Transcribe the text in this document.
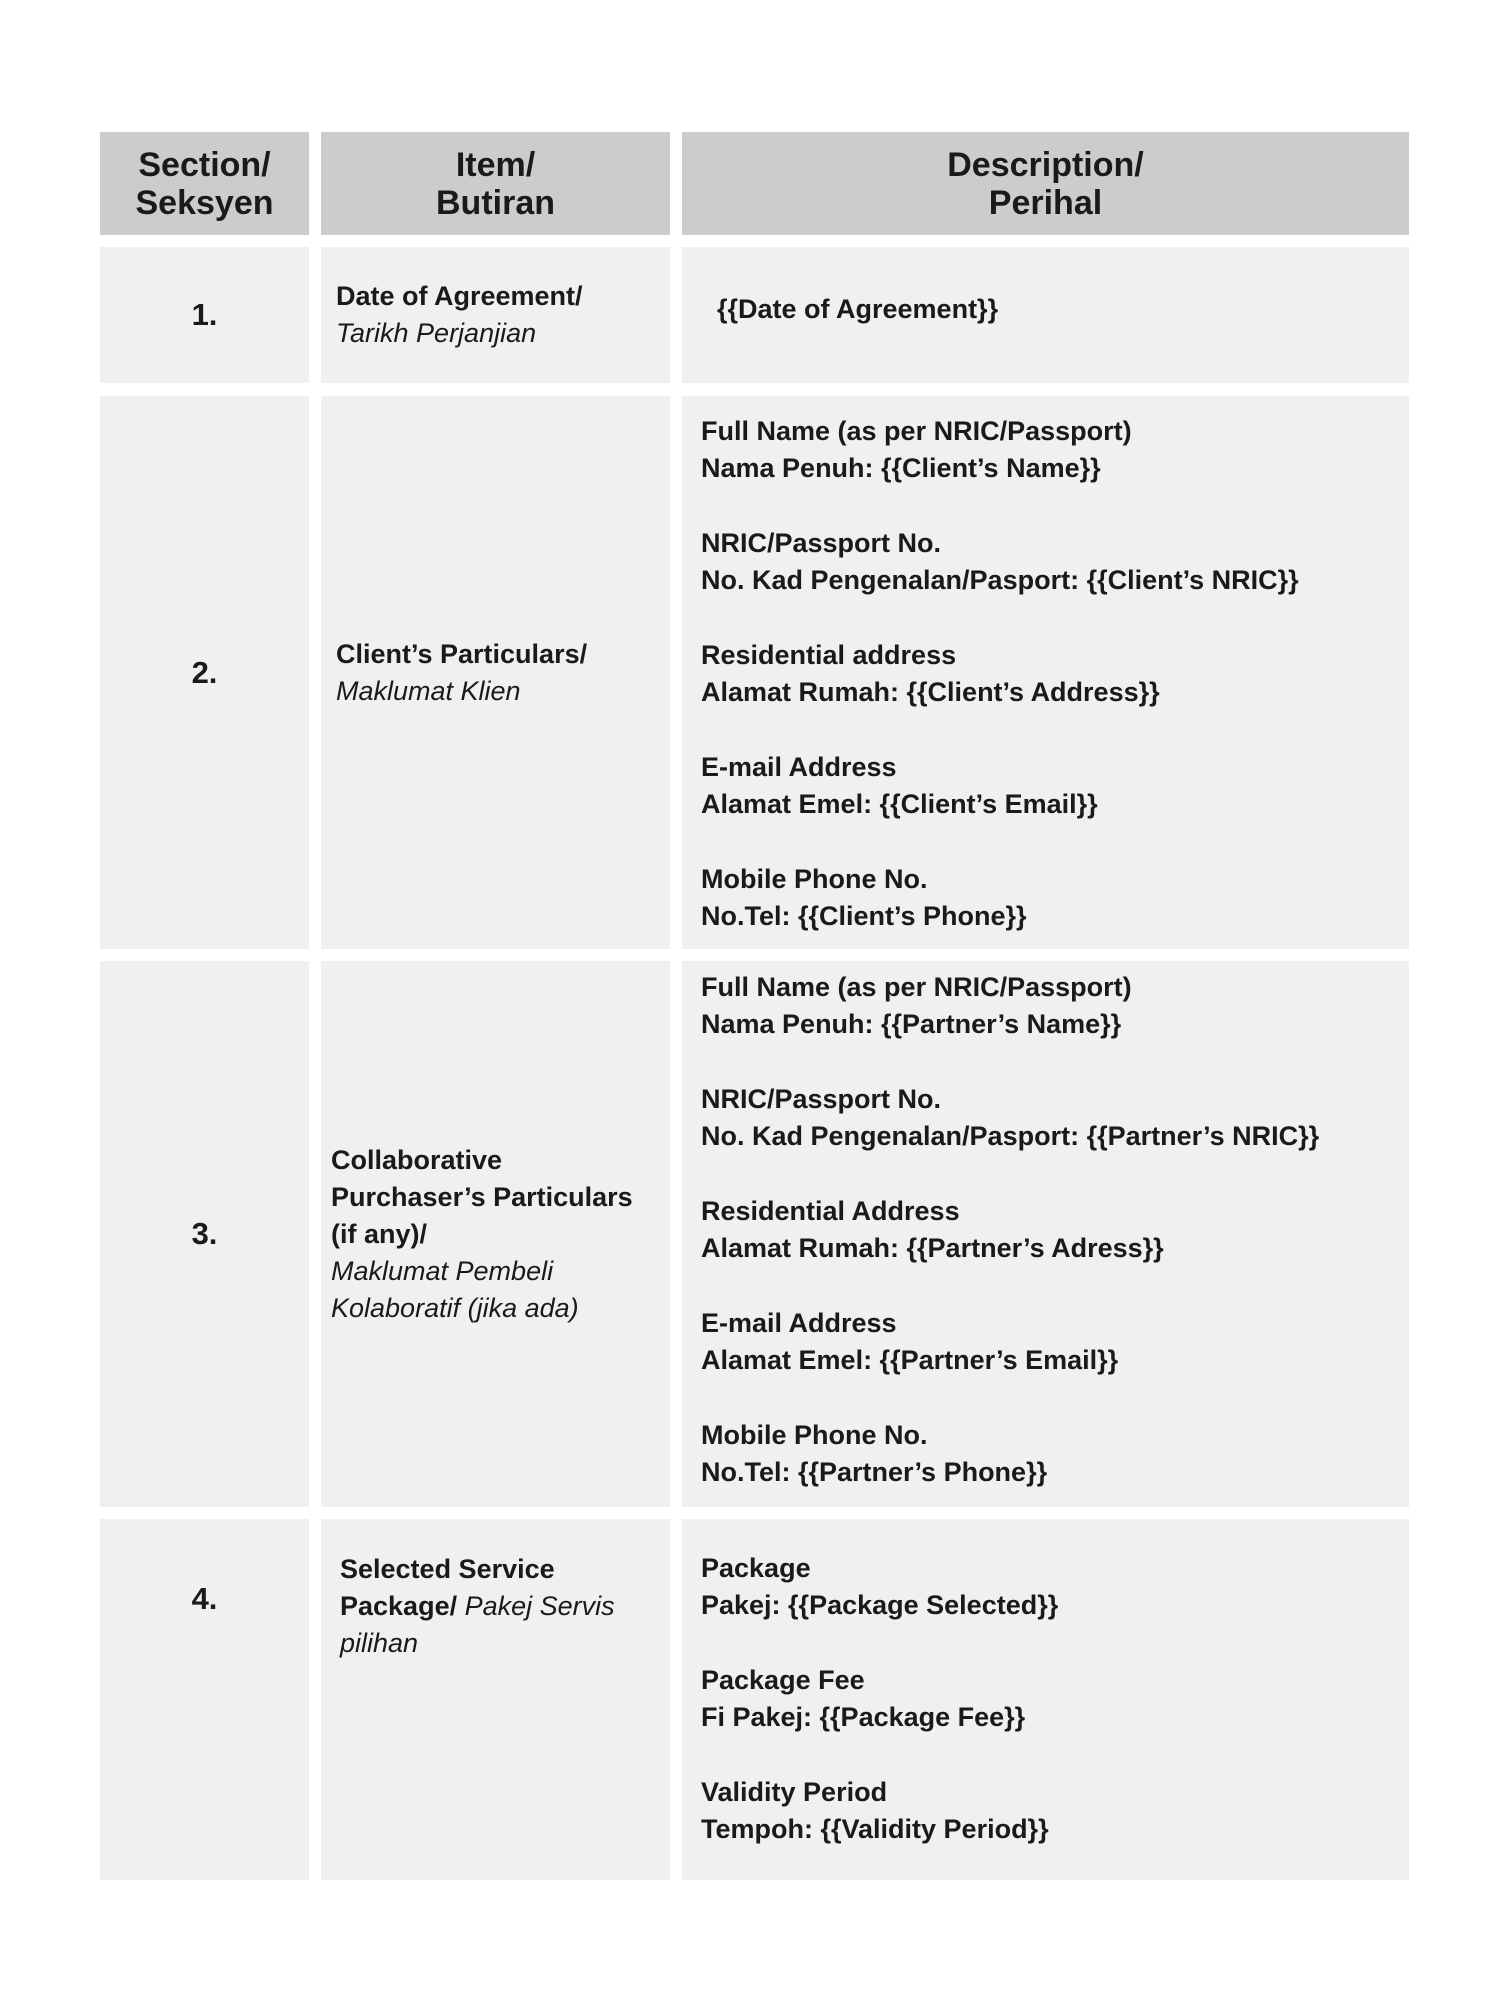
Section/
Seksyen
Item/
Butiran
Description/
Perihal
1.
Date of Agreement/
Tarikh Perjanjian
{{Date of Agreement}}
2.
Client’s Particulars/
Maklumat Klien
Full Name (as per NRIC/Passport)
Nama Penuh: {{Client’s Name}}
NRIC/Passport No.
No. Kad Pengenalan/Pasport: {{Client’s NRIC}}
Residential address
Alamat Rumah: {{Client’s Address}}
E-mail Address
Alamat Emel: {{Client’s Email}}
Mobile Phone No.
No.Tel: {{Client’s Phone}}
3.
Collaborative
Purchaser’s Particulars
(if any)/
Maklumat Pembeli
Kolaboratif (jika ada)
Full Name (as per NRIC/Passport)
Nama Penuh: {{Partner’s Name}}
NRIC/Passport No.
No. Kad Pengenalan/Pasport: {{Partner’s NRIC}}
Residential Address
Alamat Rumah: {{Partner’s Adress}}
E-mail Address
Alamat Emel: {{Partner’s Email}}
Mobile Phone No.
No.Tel: {{Partner’s Phone}}
4.
Selected Service
Package/ Pakej Servis
pilihan
Package
Pakej: {{Package Selected}}
Package Fee
Fi Pakej: {{Package Fee}}
Validity Period
Tempoh: {{Validity Period}}
